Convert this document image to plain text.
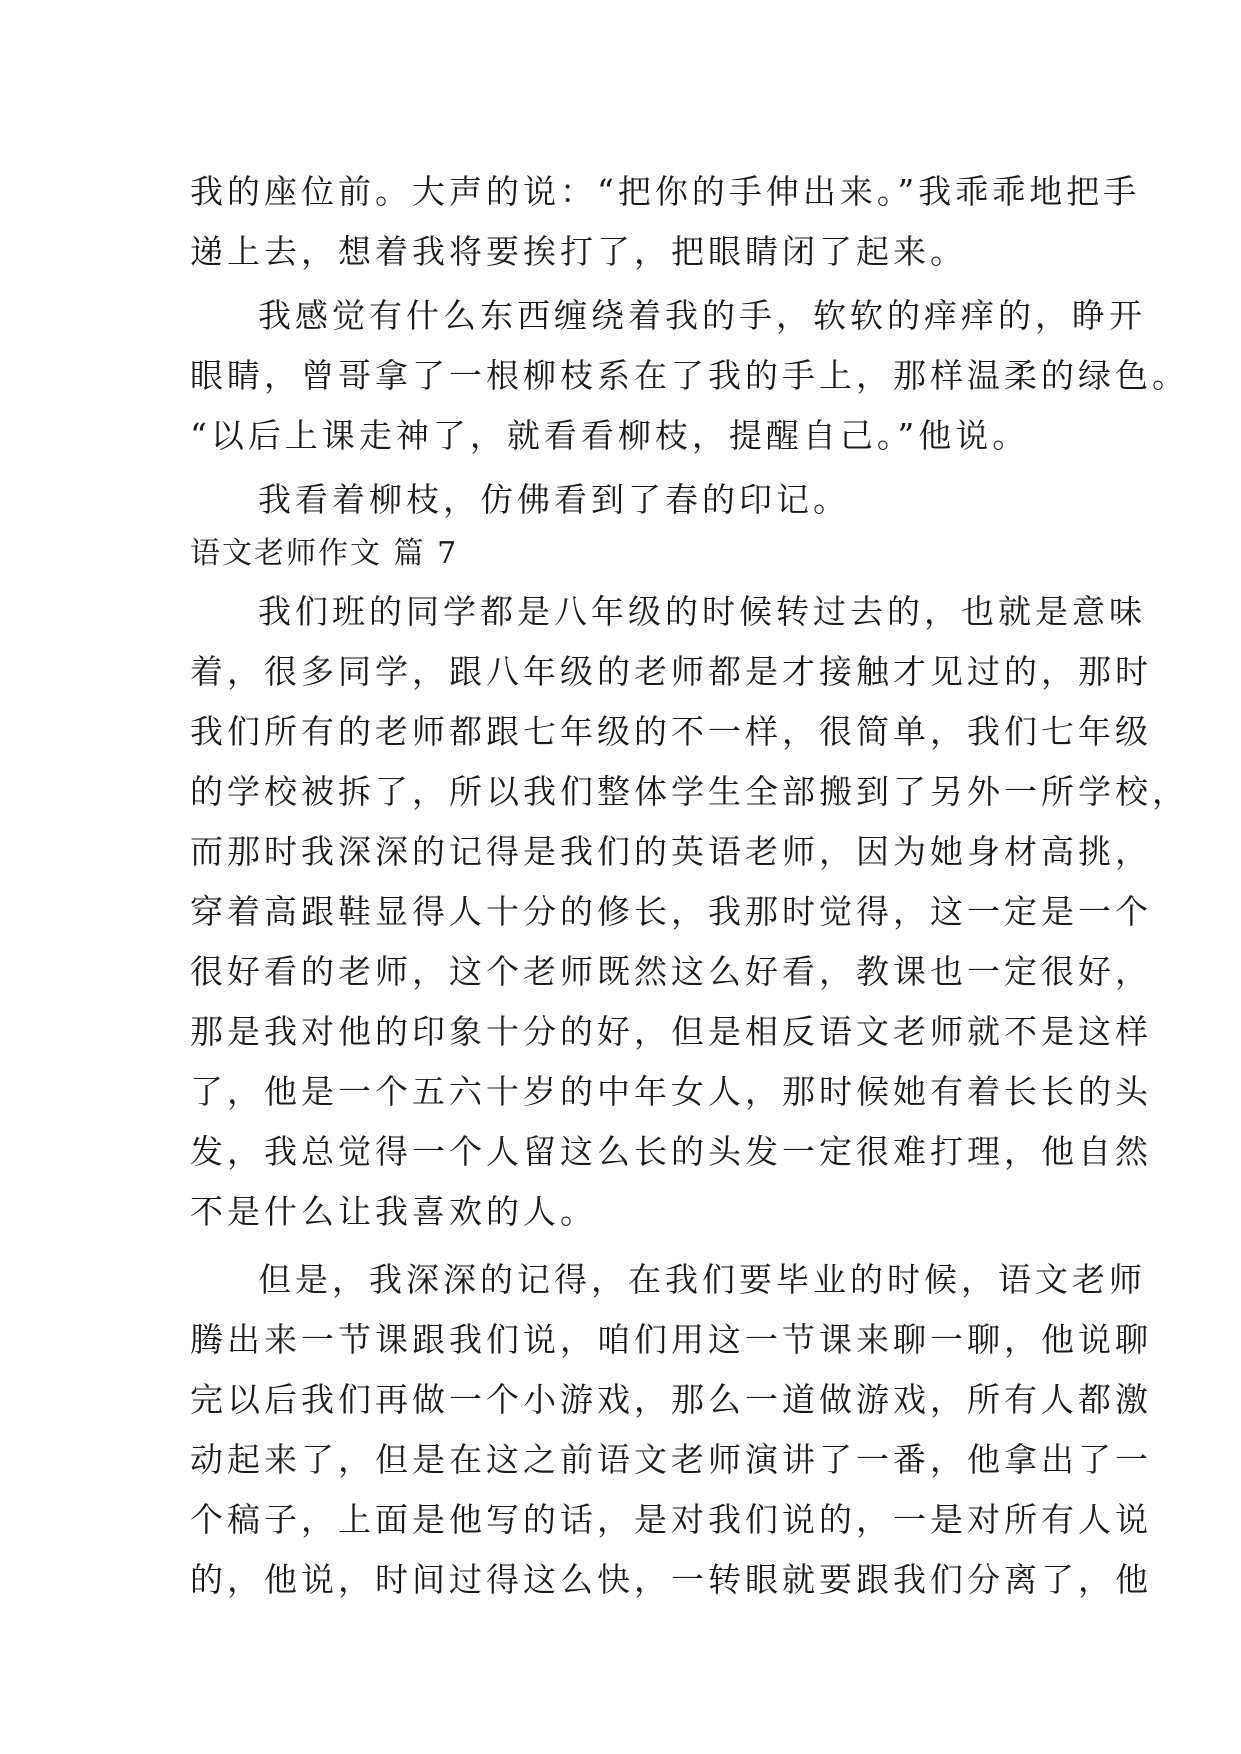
我的座位前。大声的说：“把你的手伸出来。”我乖乖地把手
递上去，想着我将要挨打了，把眼睛闭了起来。
我感觉有什么东西缠绕着我的手，软软的痒痒的，睁开
眼睛，曾哥拿了一根柳枝系在了我的手上，那样温柔的绿色。
“以后上课走神了，就看看柳枝，提醒自己。”他说。
我看着柳枝，仿佛看到了春的印记。
语文老师作文 篇 7
我们班的同学都是八年级的时候转过去的，也就是意味
着，很多同学，跟八年级的老师都是才接触才见过的，那时
我们所有的老师都跟七年级的不一样，很简单，我们七年级
的学校被拆了，所以我们整体学生全部搬到了另外一所学校，
而那时我深深的记得是我们的英语老师，因为她身材高挑，
穿着高跟鞋显得人十分的修长，我那时觉得，这一定是一个
很好看的老师，这个老师既然这么好看，教课也一定很好，
那是我对他的印象十分的好，但是相反语文老师就不是这样
了，他是一个五六十岁的中年女人，那时候她有着长长的头
发，我总觉得一个人留这么长的头发一定很难打理，他自然
不是什么让我喜欢的人。
但是，我深深的记得，在我们要毕业的时候，语文老师
腾出来一节课跟我们说，咱们用这一节课来聊一聊，他说聊
完以后我们再做一个小游戏，那么一道做游戏，所有人都激
动起来了，但是在这之前语文老师演讲了一番，他拿出了一
个稿子，上面是他写的话，是对我们说的，一是对所有人说
的，他说，时间过得这么快，一转眼就要跟我们分离了，他
